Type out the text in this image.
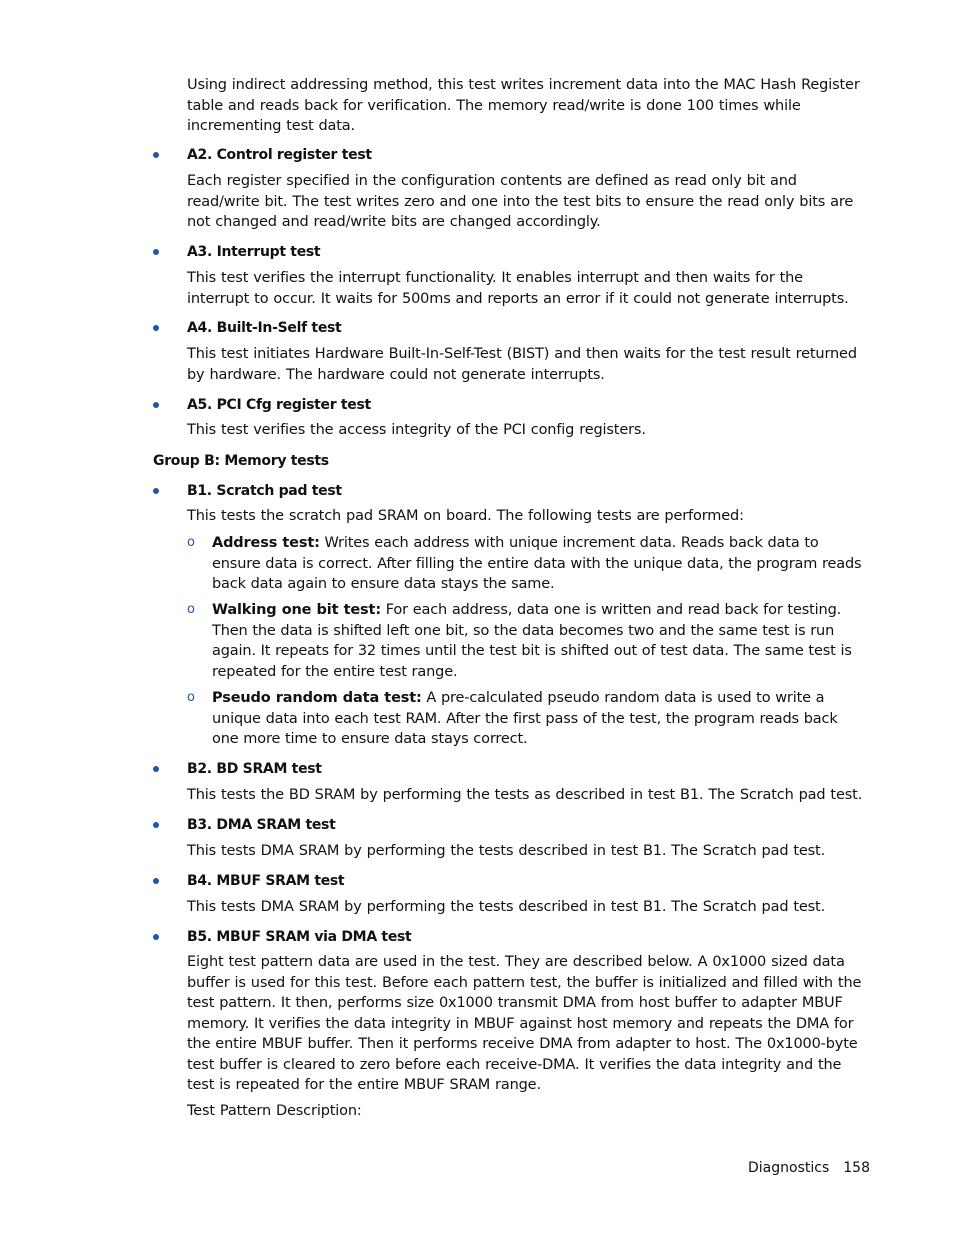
Using indirect addressing method, this test writes increment data into the MAC Hash Register table and reads back for verification. The memory read/write is done 100 times while incrementing test data.

A2. Control register test

Each register specified in the configuration contents are defined as read only bit and read/write bit. The test writes zero and one into the test bits to ensure the read only bits are not changed and read/write bits are changed accordingly.

A3. Interrupt test

This test verifies the interrupt functionality. It enables interrupt and then waits for the interrupt to occur. It waits for 500ms and reports an error if it could not generate interrupts.

A4. Built-In-Self test

This test initiates Hardware Built-In-Self-Test (BIST) and then waits for the test result returned by hardware. The hardware could not generate interrupts.

A5. PCI Cfg register test

This test verifies the access integrity of the PCI config registers.

Group B: Memory tests
B1. Scratch pad test

This tests the scratch pad SRAM on board. The following tests are performed:

o Address test: Writes each address with unique increment data. Reads back data to ensure data is correct. After filling the entire data with the unique data, the program reads back data again to ensure data stays the same.

o Walking one bit test: For each address, data one is written and read back for testing. Then the data is shifted left one bit, so the data becomes two and the same test is run again. It repeats for 32 times until the test bit is shifted out of test data. The same test is repeated for the entire test range.

o Pseudo random data test: A pre-calculated pseudo random data is used to write a unique data into each test RAM. After the first pass of the test, the program reads back one more time to ensure data stays correct.

B2. BD SRAM test

This tests the BD SRAM by performing the tests as described in test B1. The Scratch pad test.

B3. DMA SRAM test

This tests DMA SRAM by performing the tests described in test B1. The Scratch pad test.

B4. MBUF SRAM test

This tests DMA SRAM by performing the tests described in test B1. The Scratch pad test.

B5. MBUF SRAM via DMA test

Eight test pattern data are used in the test. They are described below. A 0x1000 sized data buffer is used for this test. Before each pattern test, the buffer is initialized and filled with the test pattern. It then, performs size 0x1000 transmit DMA from host buffer to adapter MBUF memory. It verifies the data integrity in MBUF against host memory and repeats the DMA for the entire MBUF buffer. Then it performs receive DMA from adapter to host. The 0x1000-byte test buffer is cleared to zero before each receive-DMA. It verifies the data integrity and the test is repeated for the entire MBUF SRAM range.

Test Pattern Description:

Diagnostics 158
